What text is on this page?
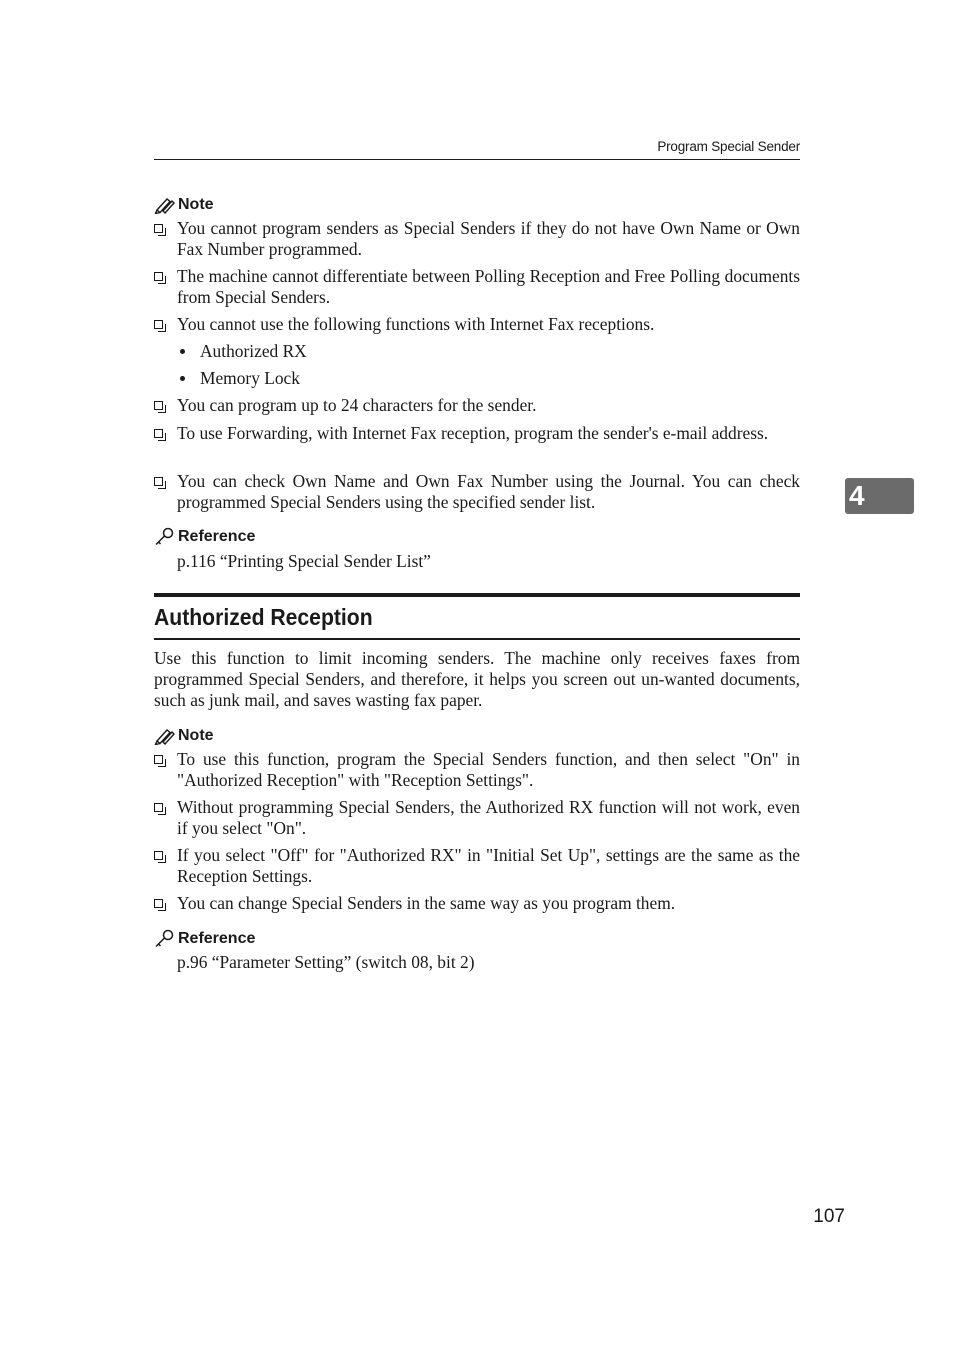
Program Special Sender
Note
You cannot program senders as Special Senders if they do not have Own Name or Own Fax Number programmed.
The machine cannot differentiate between Polling Reception and Free Polling documents from Special Senders.
You cannot use the following functions with Internet Fax receptions.
Authorized RX
Memory Lock
You can program up to 24 characters for the sender.
To use Forwarding, with Internet Fax reception, program the sender's e-mail address.
You can check Own Name and Own Fax Number using the Journal. You can check programmed Special Senders using the specified sender list.
Reference
p.116 “Printing Special Sender List”
Authorized Reception
Use this function to limit incoming senders. The machine only receives faxes from programmed Special Senders, and therefore, it helps you screen out un-wanted documents, such as junk mail, and saves wasting fax paper.
Note
To use this function, program the Special Senders function, and then select "On" in "Authorized Reception" with "Reception Settings".
Without programming Special Senders, the Authorized RX function will not work, even if you select "On".
If you select "Off" for "Authorized RX" in "Initial Set Up", settings are the same as the Reception Settings.
You can change Special Senders in the same way as you program them.
Reference
p.96 “Parameter Setting” (switch 08, bit 2)
4
107
